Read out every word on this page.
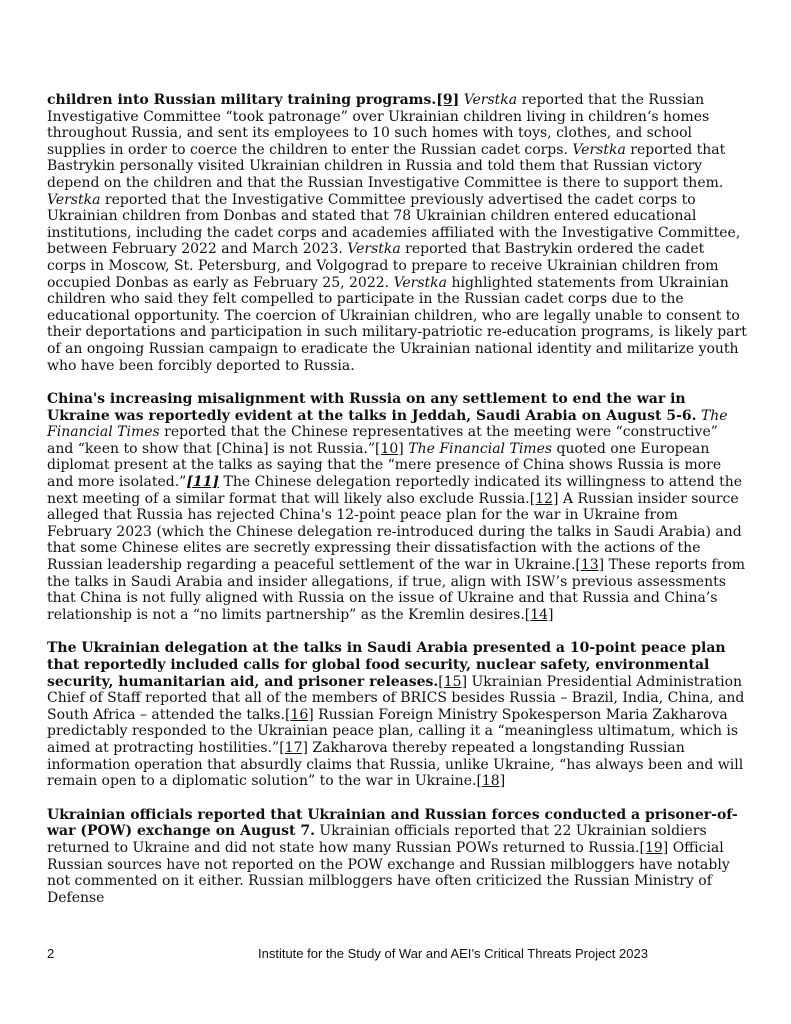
children into Russian military training programs.[9] Verstka reported that the Russian Investigative Committee “took patronage” over Ukrainian children living in children‘s homes throughout Russia, and sent its employees to 10 such homes with toys, clothes, and school supplies in order to coerce the children to enter the Russian cadet corps. Verstka reported that Bastrykin personally visited Ukrainian children in Russia and told them that Russian victory depend on the children and that the Russian Investigative Committee is there to support them. Verstka reported that the Investigative Committee previously advertised the cadet corps to Ukrainian children from Donbas and stated that 78 Ukrainian children entered educational institutions, including the cadet corps and academies affiliated with the Investigative Committee, between February 2022 and March 2023. Verstka reported that Bastrykin ordered the cadet corps in Moscow, St. Petersburg, and Volgograd to prepare to receive Ukrainian children from occupied Donbas as early as February 25, 2022. Verstka highlighted statements from Ukrainian children who said they felt compelled to participate in the Russian cadet corps due to the educational opportunity. The coercion of Ukrainian children, who are legally unable to consent to their deportations and participation in such military-patriotic re-education programs, is likely part of an ongoing Russian campaign to eradicate the Ukrainian national identity and militarize youth who have been forcibly deported to Russia.

China's increasing misalignment with Russia on any settlement to end the war in Ukraine was reportedly evident at the talks in Jeddah, Saudi Arabia on August 5-6. The Financial Times reported that the Chinese representatives at the meeting were “constructive” and “keen to show that [China] is not Russia.”[10] The Financial Times quoted one European diplomat present at the talks as saying that the “mere presence of China shows Russia is more and more isolated.”[11] The Chinese delegation reportedly indicated its willingness to attend the next meeting of a similar format that will likely also exclude Russia.[12] A Russian insider source alleged that Russia has rejected China's 12-point peace plan for the war in Ukraine from February 2023 (which the Chinese delegation re-introduced during the talks in Saudi Arabia) and that some Chinese elites are secretly expressing their dissatisfaction with the actions of the Russian leadership regarding a peaceful settlement of the war in Ukraine.[13] These reports from the talks in Saudi Arabia and insider allegations, if true, align with ISW’s previous assessments that China is not fully aligned with Russia on the issue of Ukraine and that Russia and China’s relationship is not a “no limits partnership” as the Kremlin desires.[14]

The Ukrainian delegation at the talks in Saudi Arabia presented a 10-point peace plan that reportedly included calls for global food security, nuclear safety, environmental security, humanitarian aid, and prisoner releases.[15] Ukrainian Presidential Administration Chief of Staff reported that all of the members of BRICS besides Russia – Brazil, India, China, and South Africa – attended the talks.[16] Russian Foreign Ministry Spokesperson Maria Zakharova predictably responded to the Ukrainian peace plan, calling it a “meaningless ultimatum, which is aimed at protracting hostilities.”[17] Zakharova thereby repeated a longstanding Russian information operation that absurdly claims that Russia, unlike Ukraine, “has always been and will remain open to a diplomatic solution” to the war in Ukraine.[18]

Ukrainian officials reported that Ukrainian and Russian forces conducted a prisoner-of-war (POW) exchange on August 7. Ukrainian officials reported that 22 Ukrainian soldiers returned to Ukraine and did not state how many Russian POWs returned to Russia.[19] Official Russian sources have not reported on the POW exchange and Russian milbloggers have notably not commented on it either. Russian milbloggers have often criticized the Russian Ministry of Defense

2	Institute for the Study of War and AEI’s Critical Threats Project 2023
